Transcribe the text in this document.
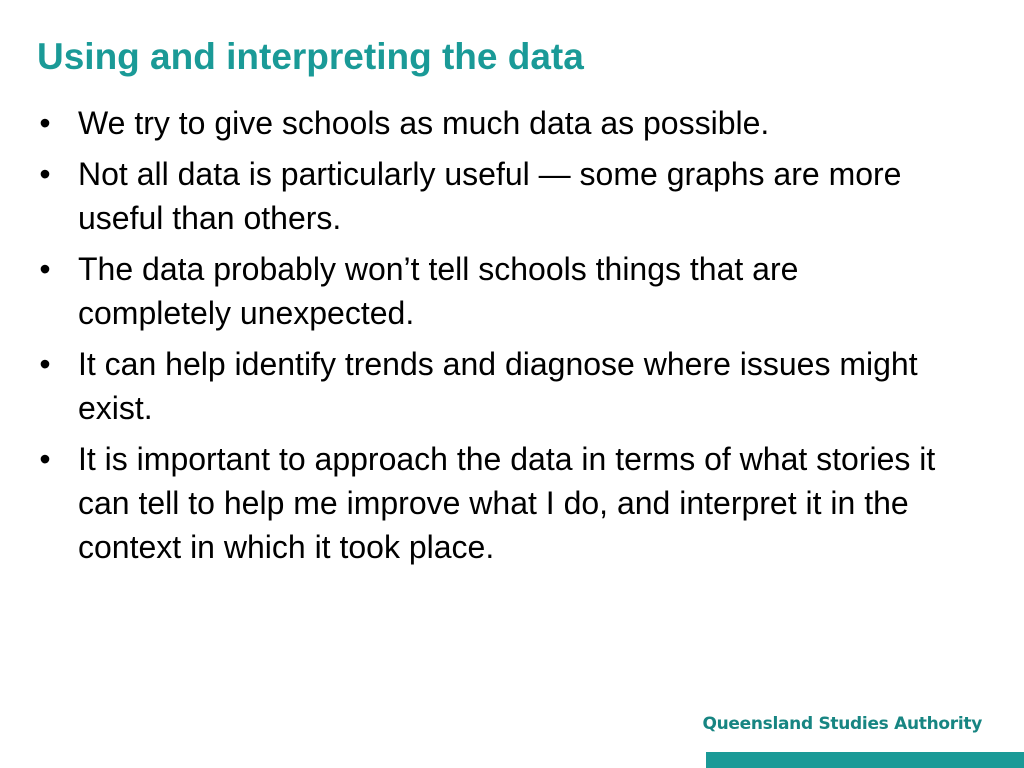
Using and interpreting the data
• We try to give schools as much data as possible.
• Not all data is particularly useful — some graphs are more useful than others.
• The data probably won’t tell schools things that are completely unexpected.
• It can help identify trends and diagnose where issues might exist.
• It is important to approach the data in terms of what stories it can tell to help me improve what I do, and interpret it in the context in which it took place.
Queensland Studies Authority
